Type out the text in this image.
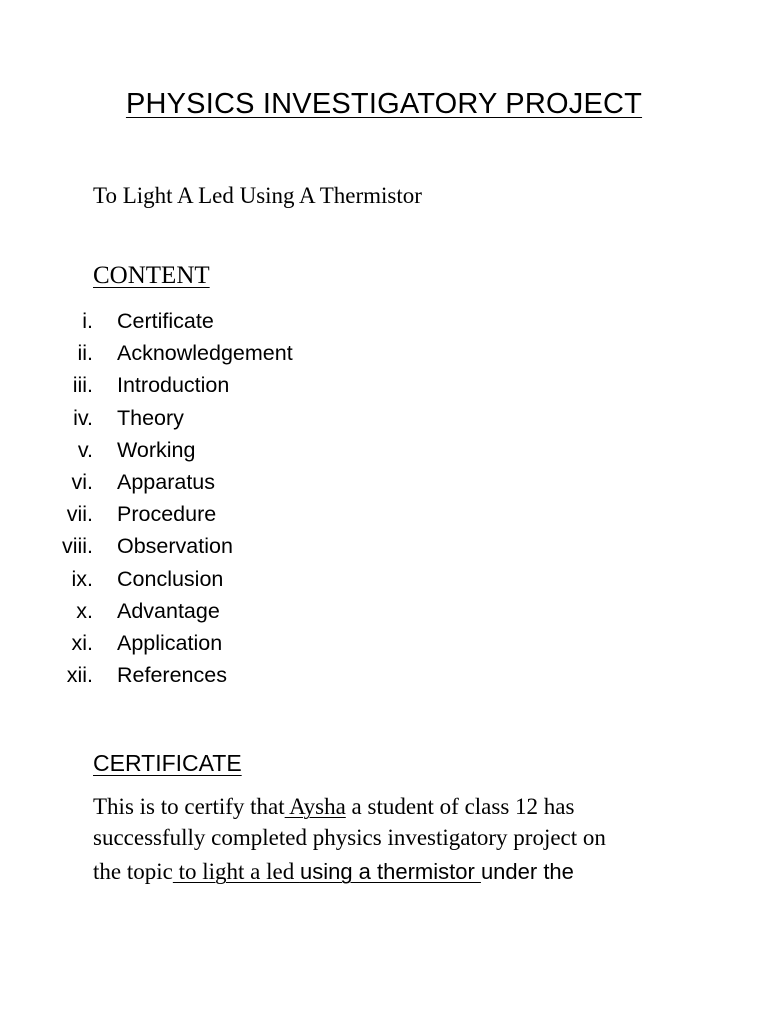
PHYSICS INVESTIGATORY PROJECT
To Light A Led Using A Thermistor
CONTENT
i. Certificate
ii. Acknowledgement
iii. Introduction
iv. Theory
v. Working
vi. Apparatus
vii. Procedure
viii. Observation
ix. Conclusion
x. Advantage
xi. Application
xii. References
CERTIFICATE
This is to certify that Aysha a student of class 12 has
successfully completed physics investigatory project on
the topic to light a led using a thermistor under the
